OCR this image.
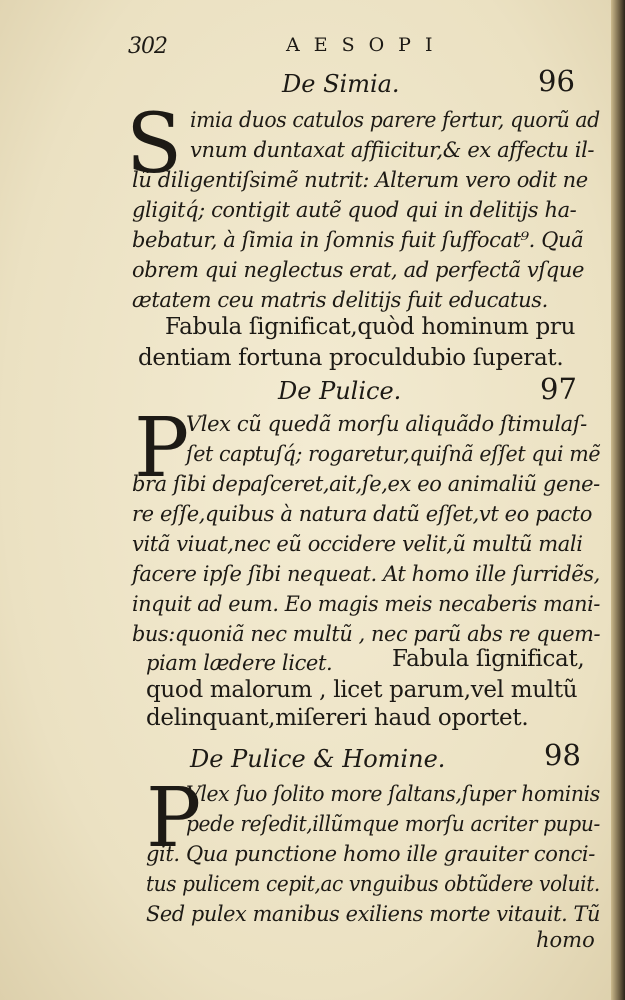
302	AESOPI
De Simia.	96
S imia duos catulos parere fertur, quorũ ad
vnum duntaxat affiicitur,& ex affectu il-
lũ diligentiſsimẽ nutrit: Alterum vero odit ne
gligitq́; contigit autẽ quod qui in delitijs ha-
bebatur, à ſimia in ſomnis fuit ſuffocat⁹. Quã
obrem qui neglectus erat, ad perfectã vſque
ætatem ceu matris delitijs fuit educatus.
Fabula ſignificat,quòd hominum pru
dentiam fortuna proculdubio ſuperat.
De Pulice.	97
P
Vlex cũ quedã morſu aliquãdo ſtimulaſ-
ſet captuſq́; rogaretur,quiſnã eſſet qui mẽ
bra ſibi depaſceret,ait,ſe,ex eo animaliũ gene-
re eſſe,quibus à natura datũ eſſet,vt eo pacto
vitã viuat,nec eũ occidere velit,ũ multũ mali
facere ipſe ſibi nequeat. At homo ille ſurridẽs,
inquit ad eum. Eo magis meis necaberis mani-
bus:quoniã nec multũ , nec parũ abs re quem-
piam lædere licet.	Fabula ſignificat,
quod malorum , licet parum,vel multũ
delinquant,miſereri haud oportet.
De Pulice & Homine.	98
P
Vlex ſuo ſolito more ſaltans,ſuper hominis
pede reſedit,illũmque morſu acriter pupu-
git. Qua punctione homo ille grauiter conci-
tus pulicem cepit,ac vnguibus obtũdere voluit.
Sed pulex manibus exiliens morte vitauit. Tũ
homo
